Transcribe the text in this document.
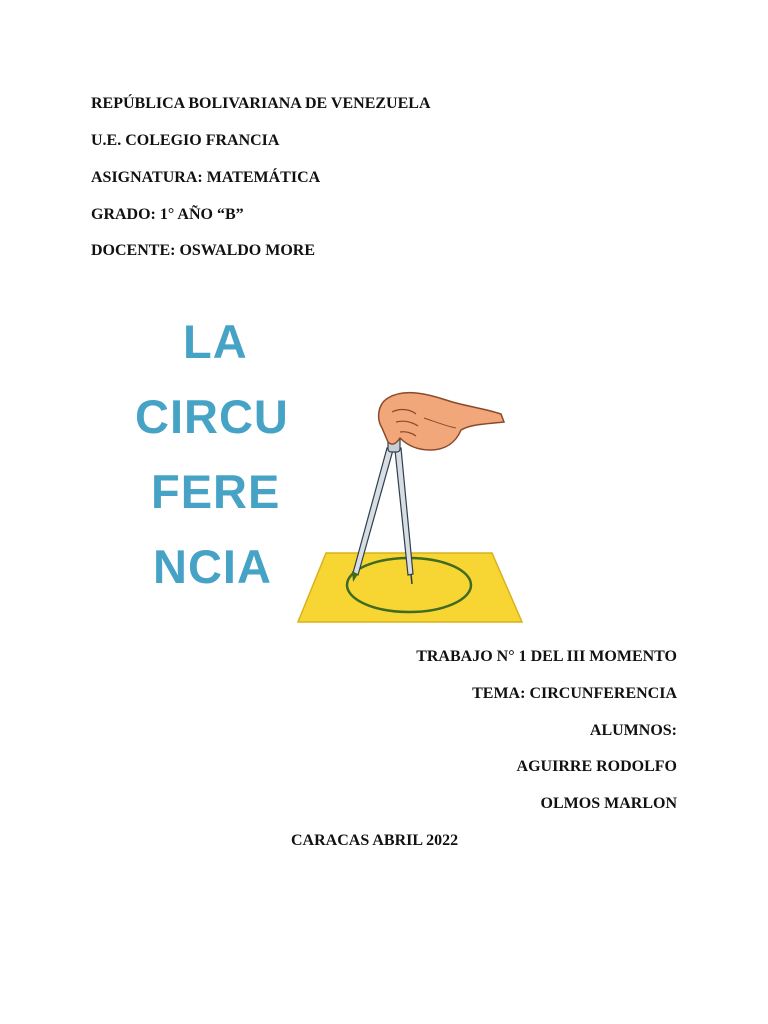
REPÚBLICA BOLIVARIANA DE VENEZUELA
U.E. COLEGIO FRANCIA
ASIGNATURA: MATEMÁTICA
GRADO: 1° AÑO “B”
DOCENTE: OSWALDO MORE
LA
CIRCU
FERE
NCIA
TRABAJO N° 1 DEL III MOMENTO
TEMA: CIRCUNFERENCIA
ALUMNOS:
AGUIRRE RODOLFO
OLMOS MARLON
CARACAS ABRIL 2022
